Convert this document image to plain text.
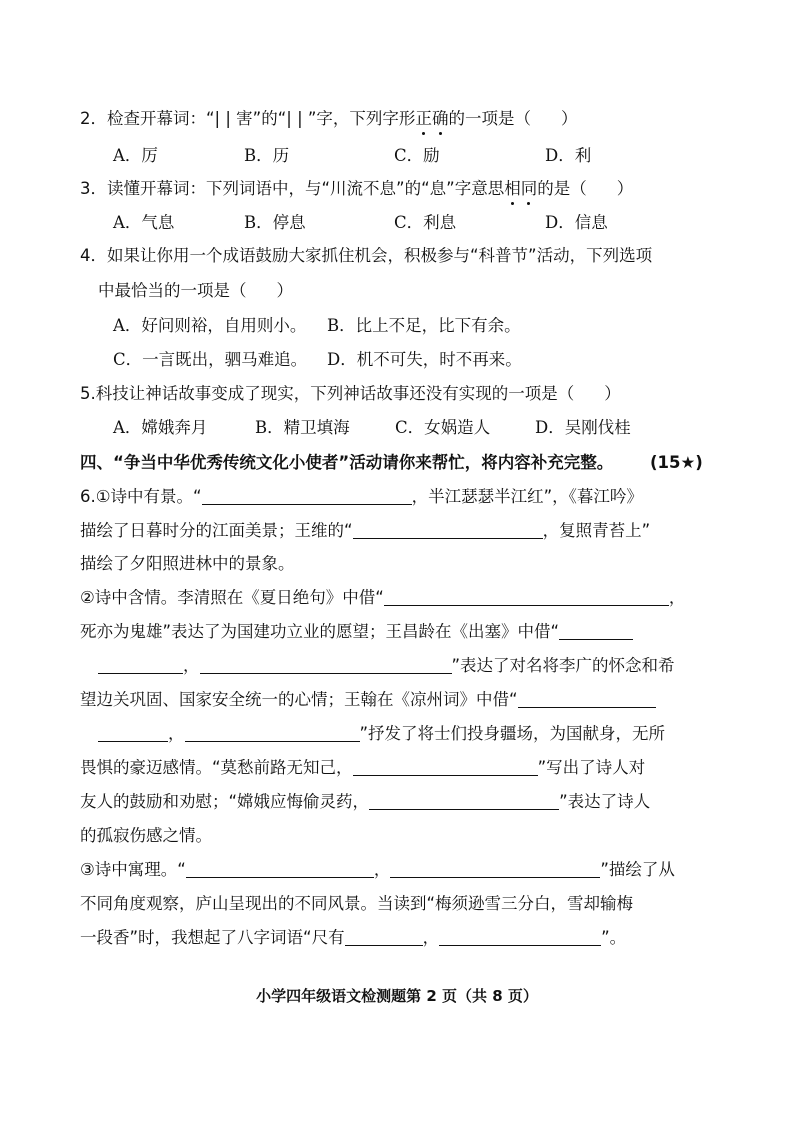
2．检查开幕词：“| | 害”的“| | ”字，下列字形正确的一项是（ ）
A．厉	B．历	C．励	D．利
3．读懂开幕词：下列词语中，与“川流不息”的“息”字意思相同的是（ ）
A．气息	B．停息	C．利息	D．信息
4．如果让你用一个成语鼓励大家抓住机会，积极参与“科普节”活动，下列选项
中最恰当的一项是（ ）
A．好问则裕，自用则小。 B．比上不足，比下有余。
C．一言既出，驷马难追。 D．机不可失，时不再来。
5.科技让神话故事变成了现实，下列神话故事还没有实现的一项是（ ）
A．嫦娥奔月	B．精卫填海	C．女娲造人	D．吴刚伐桂
四、“争当中华优秀传统文化小使者”活动请你来帮忙，将内容补充完整。 (15★)
6.①诗中有景。“	，半江瑟瑟半江红”，《暮江吟》
描绘了日暮时分的江面美景；王维的“	，复照青苔上”
描绘了夕阳照进林中的景象。
②诗中含情。李清照在《夏日绝句》中借“	，
死亦为鬼雄”表达了为国建功立业的愿望；王昌龄在《出塞》中借“
，	”表达了对名将李广的怀念和希
望边关巩固、国家安全统一的心情；王翰在《凉州词》中借“
，	”抒发了将士们投身疆场，为国献身，无所
畏惧的豪迈感情。“莫愁前路无知己，	”写出了诗人对
友人的鼓励和劝慰；“嫦娥应悔偷灵药，	”表达了诗人
的孤寂伤感之情。
③诗中寓理。“	，	”描绘了从
不同角度观察，庐山呈现出的不同风景。当读到“梅须逊雪三分白，雪却输梅
一段香”时，我想起了八字词语“尺有	，	”。
小学四年级语文检测题第 2 页（共 8 页）
